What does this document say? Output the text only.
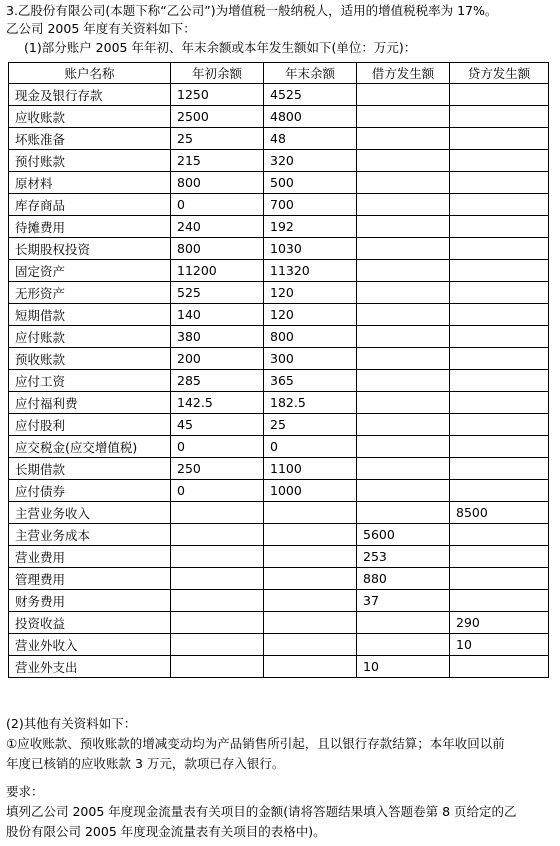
3.乙股份有限公司(本题下称“乙公司”)为增值税一般纳税人，适用的增值税税率为 17%。
乙公司 2005 年度有关资料如下：
(1)部分账户 2005 年年初、年末余额或本年发生额如下(单位：万元)：
账户名称	年初余额	年末余额	借方发生额	贷方发生额
现金及银行存款	1250	4525		
应收账款	2500	4800		
坏账准备	25	48		
预付账款	215	320		
原材料	800	500		
库存商品	0	700		
待摊费用	240	192		
长期股权投资	800	1030		
固定资产	11200	11320		
无形资产	525	120		
短期借款	140	120		
应付账款	380	800		
预收账款	200	300		
应付工资	285	365		
应付福利费	142.5	182.5		
应付股利	45	25		
应交税金(应交增值税)	0	0		
长期借款	250	1100		
应付债券	0	1000		
主营业务收入				8500
主营业务成本			5600	
营业费用			253	
管理费用			880	
财务费用			37	
投资收益				290
营业外收入				10
营业外支出			10	
(2)其他有关资料如下：
①应收账款、预收账款的增减变动均为产品销售所引起，且以银行存款结算；本年收回以前
年度已核销的应收账款 3 万元，款项已存入银行。
要求：
填列乙公司 2005 年度现金流量表有关项目的金额(请将答题结果填入答题卷第 8 页给定的乙
股份有限公司 2005 年度现金流量表有关项目的表格中)。
